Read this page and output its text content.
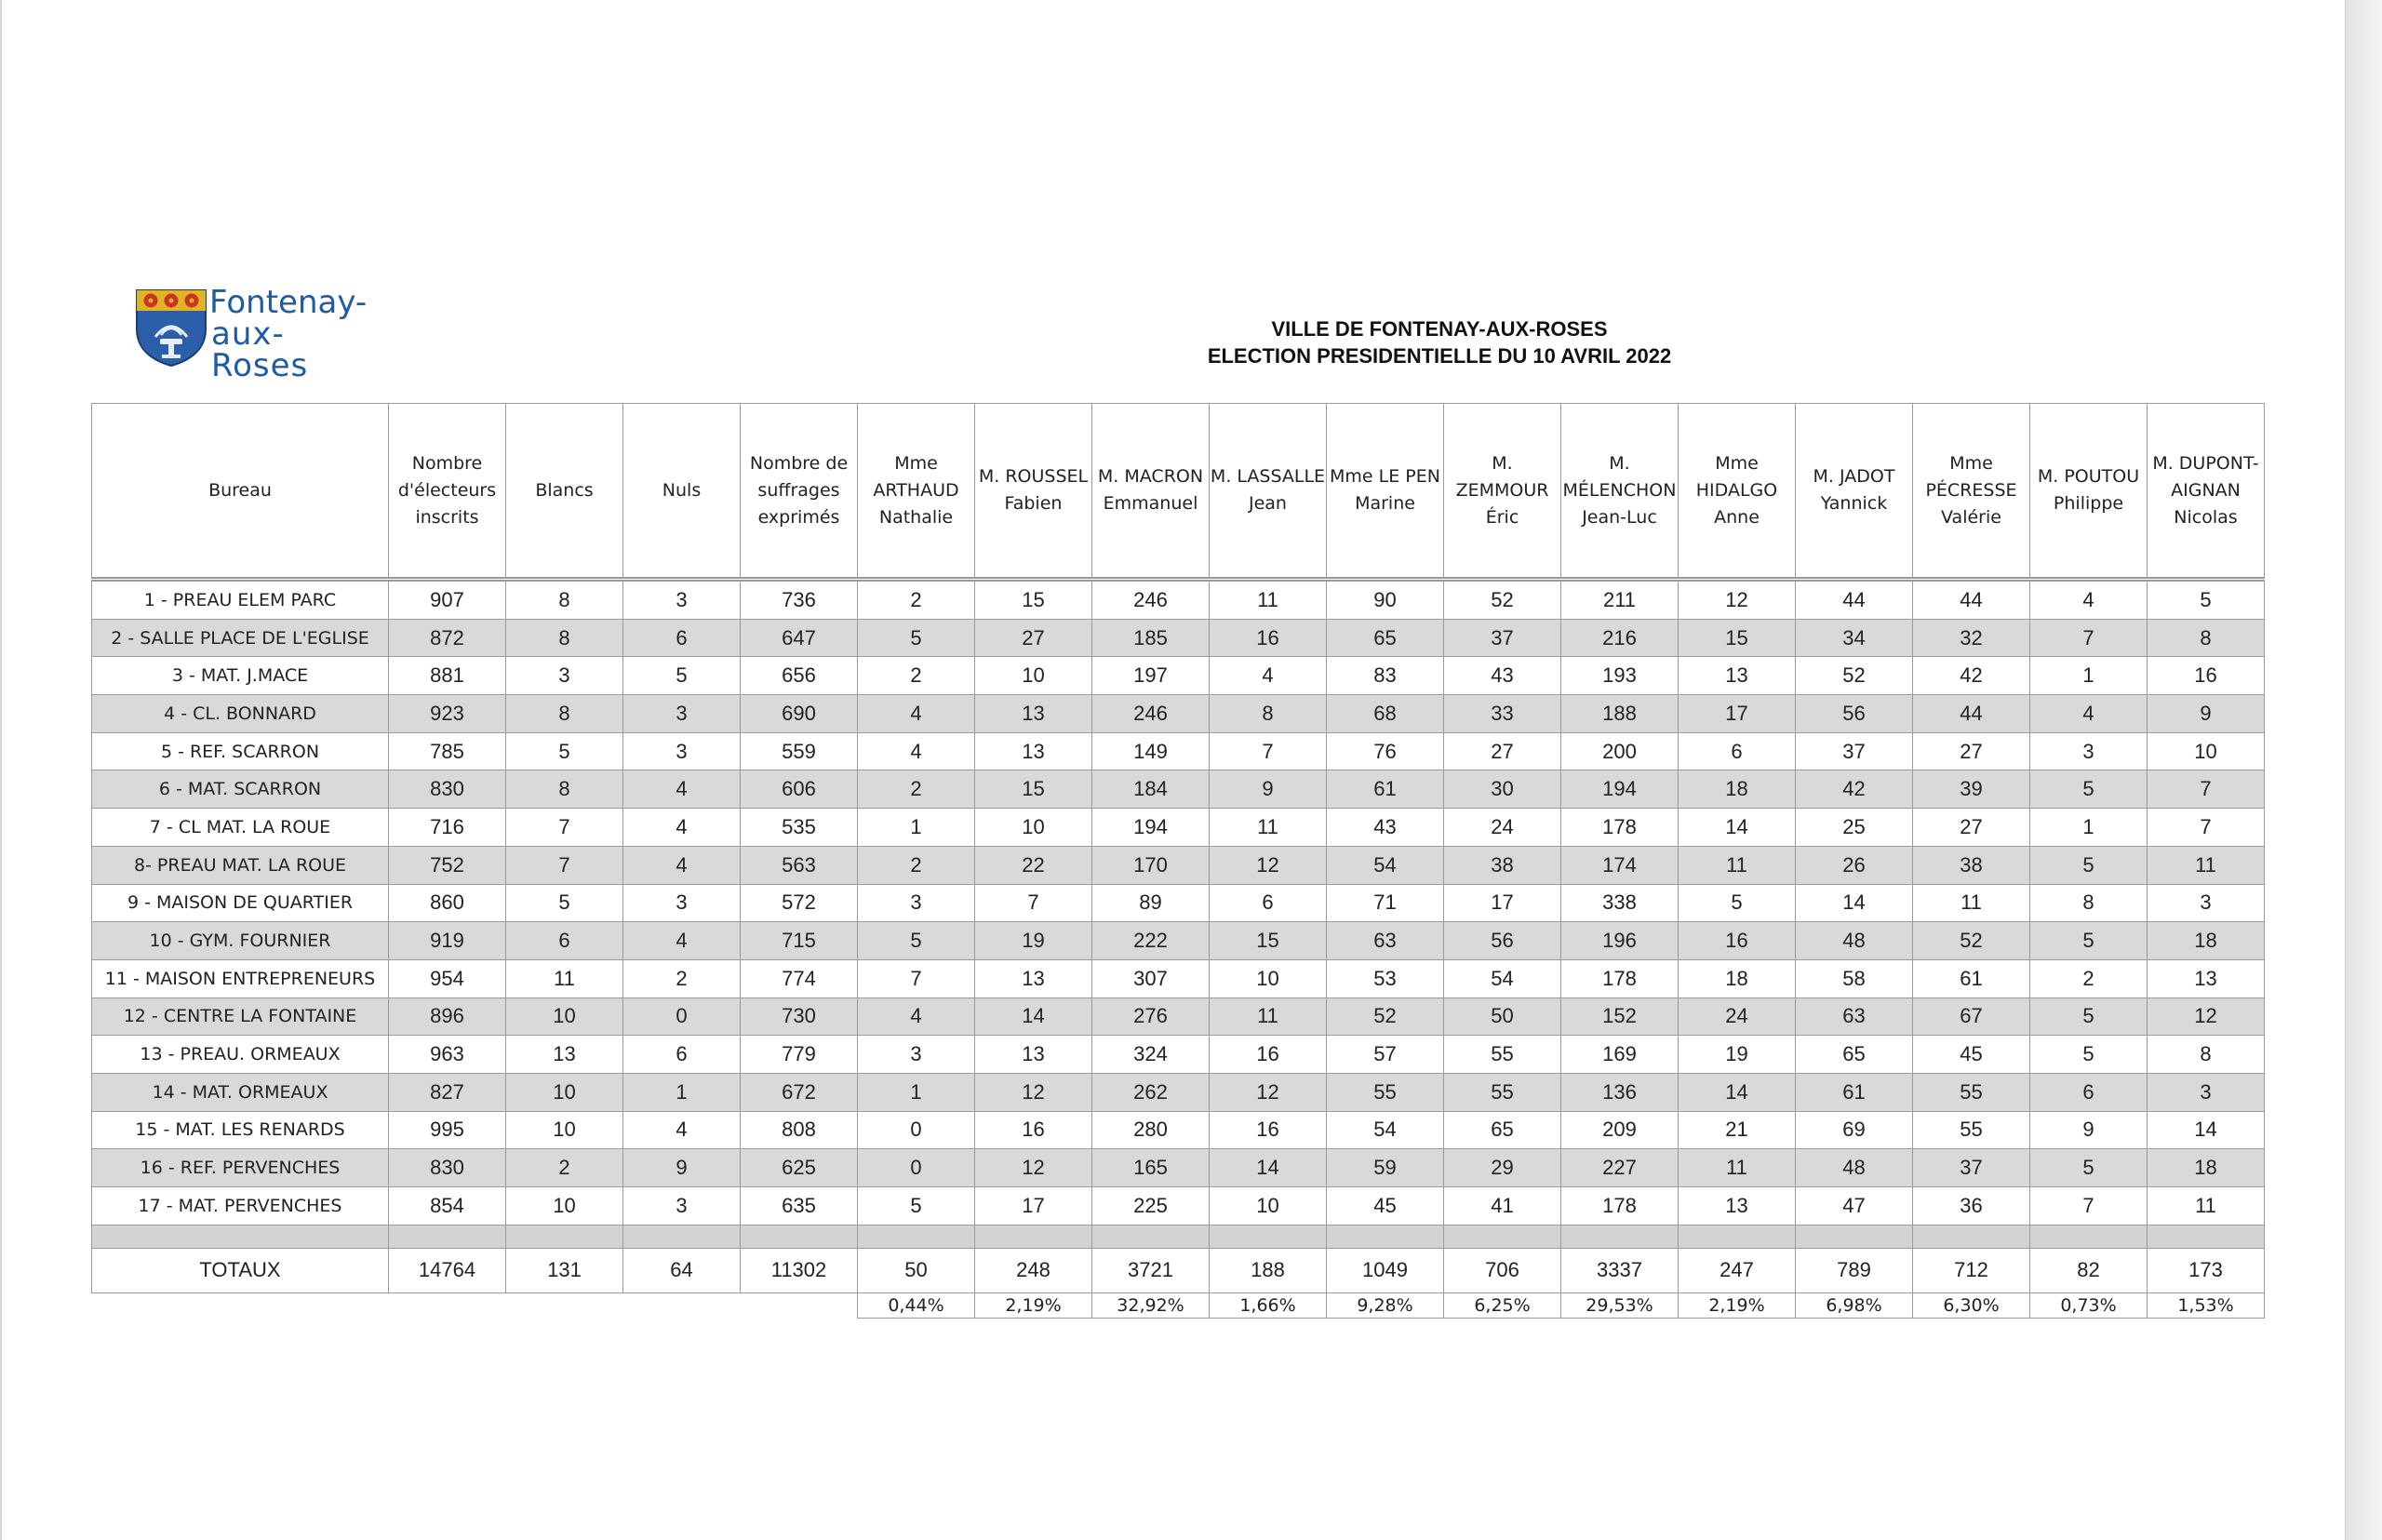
Fontenay-
aux-Roses
VILLE DE FONTENAY-AUX-ROSES
ELECTION PRESIDENTIELLE DU 10 AVRIL 2022
Bureau	Nombre d'électeurs inscrits	Blancs	Nuls	Nombre de suffrages exprimés	Mme ARTHAUD Nathalie	M. ROUSSEL Fabien	M. MACRON Emmanuel	M. LASSALLE Jean	Mme LE PEN Marine	M. ZEMMOUR Éric	M. MÉLENCHON Jean-Luc	Mme HIDALGO Anne	M. JADOT Yannick	Mme PÉCRESSE Valérie	M. POUTOU Philippe	M. DUPONT-AIGNAN Nicolas
1 - PREAU ELEM PARC	907	8	3	736	2	15	246	11	90	52	211	12	44	44	4	5
2 - SALLE PLACE DE L'EGLISE	872	8	6	647	5	27	185	16	65	37	216	15	34	32	7	8
3 - MAT. J.MACE	881	3	5	656	2	10	197	4	83	43	193	13	52	42	1	16
4 - CL. BONNARD	923	8	3	690	4	13	246	8	68	33	188	17	56	44	4	9
5 - REF. SCARRON	785	5	3	559	4	13	149	7	76	27	200	6	37	27	3	10
6 - MAT. SCARRON	830	8	4	606	2	15	184	9	61	30	194	18	42	39	5	7
7 - CL MAT. LA ROUE	716	7	4	535	1	10	194	11	43	24	178	14	25	27	1	7
8- PREAU MAT. LA ROUE	752	7	4	563	2	22	170	12	54	38	174	11	26	38	5	11
9 - MAISON DE QUARTIER	860	5	3	572	3	7	89	6	71	17	338	5	14	11	8	3
10 - GYM. FOURNIER	919	6	4	715	5	19	222	15	63	56	196	16	48	52	5	18
11 - MAISON ENTREPRENEURS	954	11	2	774	7	13	307	10	53	54	178	18	58	61	2	13
12 - CENTRE LA FONTAINE	896	10	0	730	4	14	276	11	52	50	152	24	63	67	5	12
13 - PREAU. ORMEAUX	963	13	6	779	3	13	324	16	57	55	169	19	65	45	5	8
14 - MAT. ORMEAUX	827	10	1	672	1	12	262	12	55	55	136	14	61	55	6	3
15 - MAT. LES RENARDS	995	10	4	808	0	16	280	16	54	65	209	21	69	55	9	14
16 - REF. PERVENCHES	830	2	9	625	0	12	165	14	59	29	227	11	48	37	5	18
17 - MAT. PERVENCHES	854	10	3	635	5	17	225	10	45	41	178	13	47	36	7	11

TOTAUX	14764	131	64	11302	50	248	3721	188	1049	706	3337	247	789	712	82	173
					0,44%	2,19%	32,92%	1,66%	9,28%	6,25%	29,53%	2,19%	6,98%	6,30%	0,73%	1,53%
